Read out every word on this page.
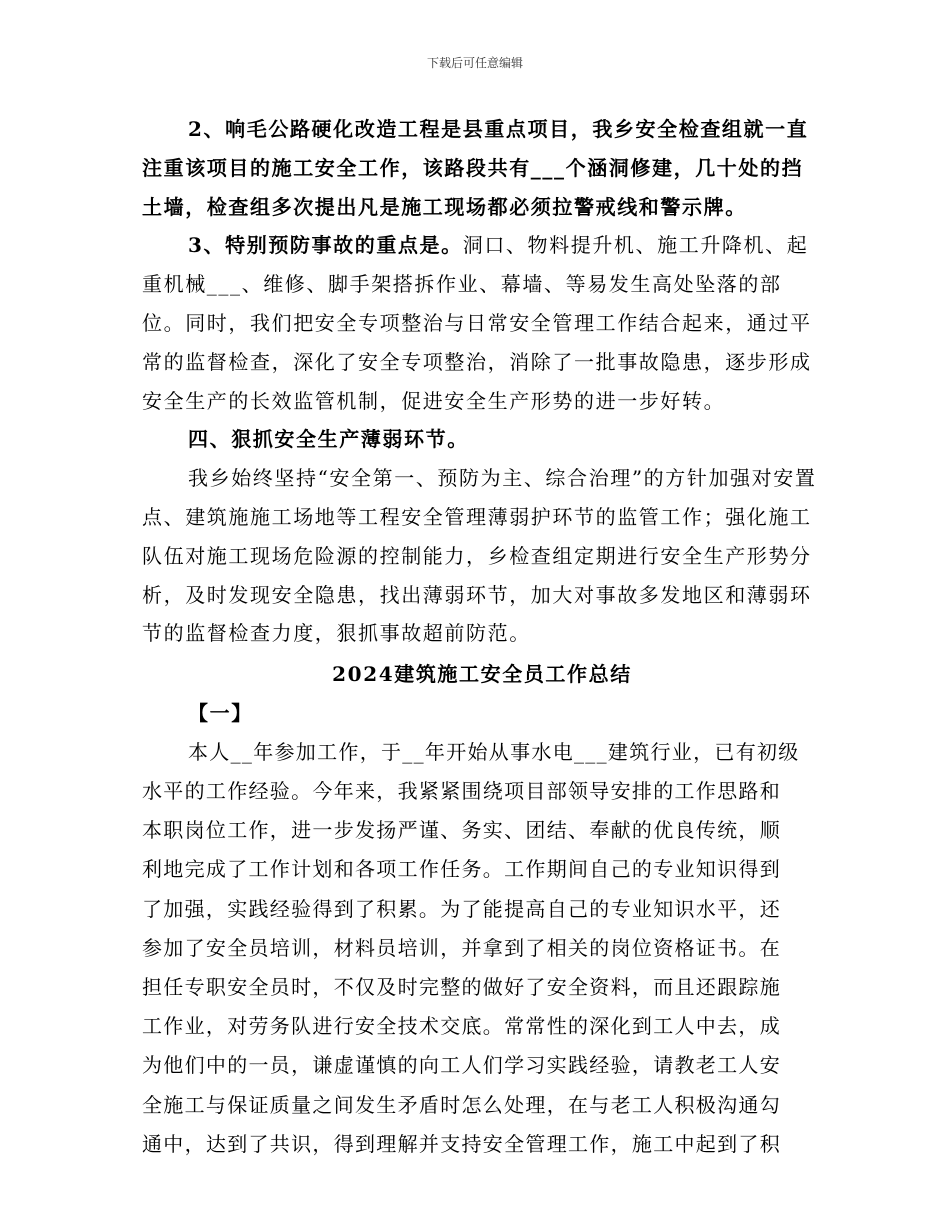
下载后可任意编辑

2、响毛公路硬化改造工程是县重点项目，我乡安全检查组就一直注重该项目的施工安全工作，该路段共有___个涵洞修建，几十处的挡土墙，检查组多次提出凡是施工现场都必须拉警戒线和警示牌。

3、特别预防事故的重点是。洞口、物料提升机、施工升降机、起重机械___、维修、脚手架搭拆作业、幕墙、等易发生高处坠落的部位。同时，我们把安全专项整治与日常安全管理工作结合起来，通过平常的监督检查，深化了安全专项整治，消除了一批事故隐患，逐步形成安全生产的长效监管机制，促进安全生产形势的进一步好转。

四、狠抓安全生产薄弱环节。

我乡始终坚持“安全第一、预防为主、综合治理”的方针加强对安置点、建筑施施工场地等工程安全管理薄弱护环节的监管工作；强化施工队伍对施工现场危险源的控制能力，乡检查组定期进行安全生产形势分析，及时发现安全隐患，找出薄弱环节，加大对事故多发地区和薄弱环节的监督检查力度，狠抓事故超前防范。

2024建筑施工安全员工作总结

【一】

本人__年参加工作，于__年开始从事水电___建筑行业，已有初级水平的工作经验。今年来，我紧紧围绕项目部领导安排的工作思路和本职岗位工作，进一步发扬严谨、务实、团结、奉献的优良传统，顺利地完成了工作计划和各项工作任务。工作期间自己的专业知识得到了加强，实践经验得到了积累。为了能提高自己的专业知识水平，还参加了安全员培训，材料员培训，并拿到了相关的岗位资格证书。在担任专职安全员时，不仅及时完整的做好了安全资料，而且还跟踪施工作业，对劳务队进行安全技术交底。常常性的深化到工人中去，成为他们中的一员，谦虚谨慎的向工人们学习实践经验，请教老工人安全施工与保证质量之间发生矛盾时怎么处理，在与老工人积极沟通勾通中，达到了共识，得到理解并支持安全管理工作，施工中起到了积
